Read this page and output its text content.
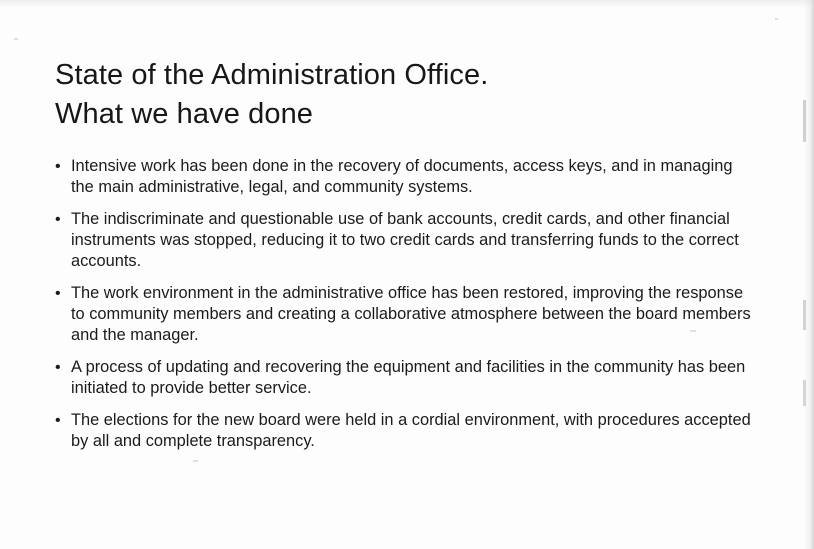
State of the Administration Office.
What we have done
• Intensive work has been done in the recovery of documents, access keys, and in managing the main administrative, legal, and community systems.
• The indiscriminate and questionable use of bank accounts, credit cards, and other financial instruments was stopped, reducing it to two credit cards and transferring funds to the correct accounts.
• The work environment in the administrative office has been restored, improving the response to community members and creating a collaborative atmosphere between the board members and the manager.
• A process of updating and recovering the equipment and facilities in the community has been initiated to provide better service.
• The elections for the new board were held in a cordial environment, with procedures accepted by all and complete transparency.
